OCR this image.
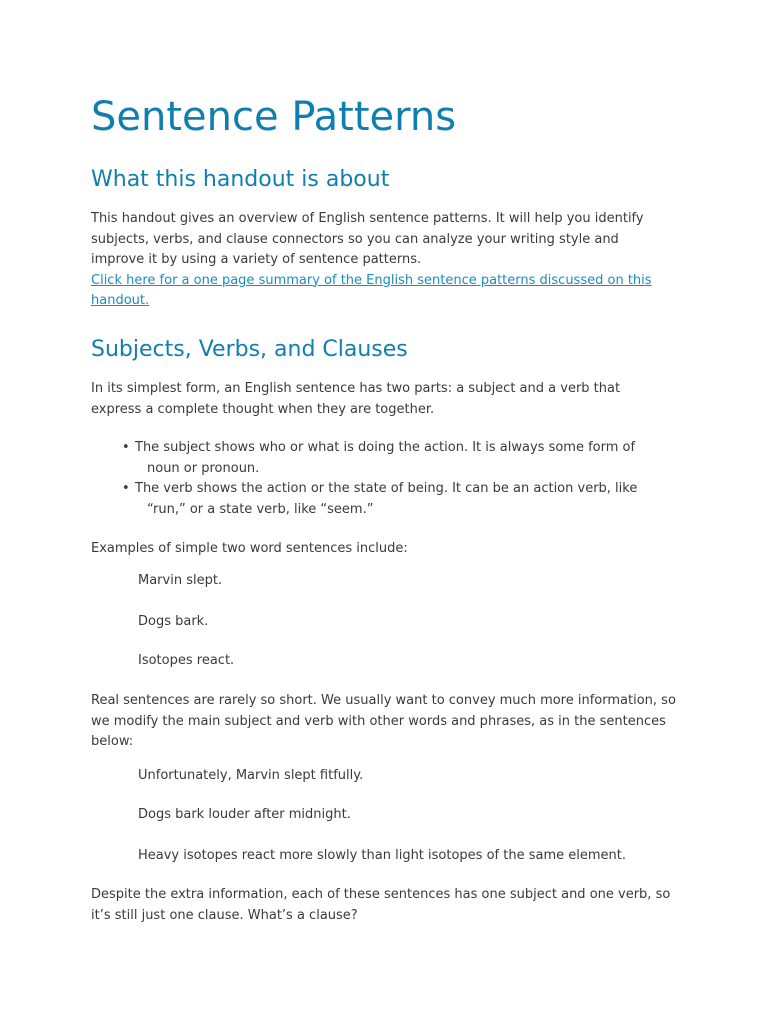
Sentence Patterns
What this handout is about
This handout gives an overview of English sentence patterns. It will help you identify subjects, verbs, and clause connectors so you can analyze your writing style and improve it by using a variety of sentence patterns.
Click here for a one page summary of the English sentence patterns discussed on this handout.
Subjects, Verbs, and Clauses
In its simplest form, an English sentence has two parts: a subject and a verb that express a complete thought when they are together.
• The subject shows who or what is doing the action. It is always some form of
noun or pronoun.
• The verb shows the action or the state of being. It can be an action verb, like
“run,” or a state verb, like “seem.”
Examples of simple two word sentences include:
Marvin slept.
Dogs bark.
Isotopes react.
Real sentences are rarely so short. We usually want to convey much more information, so we modify the main subject and verb with other words and phrases, as in the sentences below:
Unfortunately, Marvin slept fitfully.
Dogs bark louder after midnight.
Heavy isotopes react more slowly than light isotopes of the same element.
Despite the extra information, each of these sentences has one subject and one verb, so it’s still just one clause. What’s a clause?
